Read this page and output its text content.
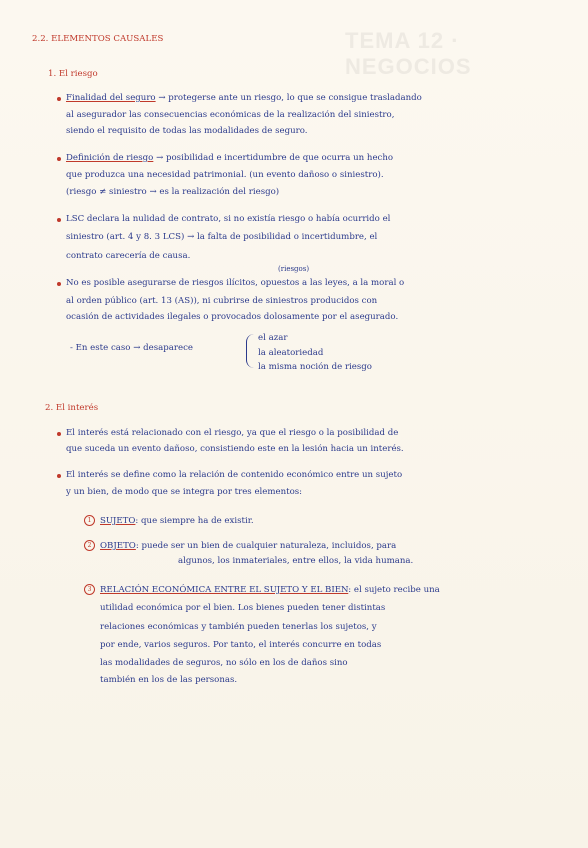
TEMA 12 · NEGOCIOS
2.2. ELEMENTOS CAUSALES
1. El riesgo
Finalidad del seguro → protegerse ante un riesgo, lo que se consigue trasladando
al asegurador las consecuencias económicas de la realización del siniestro,
siendo el requisito de todas las modalidades de seguro.
Definición de riesgo → posibilidad e incertidumbre de que ocurra un hecho
que produzca una necesidad patrimonial. (un evento dañoso o siniestro).
(riesgo ≠ siniestro → es la realización del riesgo)
LSC declara la nulidad de contrato, si no existía riesgo o había ocurrido el
siniestro (art. 4 y 8. 3 LCS) → la falta de posibilidad o incertidumbre, el
contrato carecería de causa.
(riesgos)
No es posible asegurarse de riesgos ilícitos, opuestos a las leyes, a la moral o
al orden público (art. 13 (AS)), ni cubrirse de siniestros producidos con
ocasión de actividades ilegales o provocados dolosamente por el asegurado.
- En este caso → desaparece
el azar
la aleatoriedad
la misma noción de riesgo
2. El interés
El interés está relacionado con el riesgo, ya que el riesgo o la posibilidad de
que suceda un evento dañoso, consistiendo este en la lesión hacia un interés.
El interés se define como la relación de contenido económico entre un sujeto
y un bien, de modo que se integra por tres elementos:
1 SUJETO: que siempre ha de existir.
2 OBJETO: puede ser un bien de cualquier naturaleza, incluidos, para
algunos, los inmateriales, entre ellos, la vida humana.
3 RELACIÓN ECONÓMICA ENTRE EL SUJETO Y EL BIEN: el sujeto recibe una
utilidad económica por el bien. Los bienes pueden tener distintas
relaciones económicas y también pueden tenerlas los sujetos, y
por ende, varios seguros. Por tanto, el interés concurre en todas
las modalidades de seguros, no sólo en los de daños sino
también en los de las personas.
